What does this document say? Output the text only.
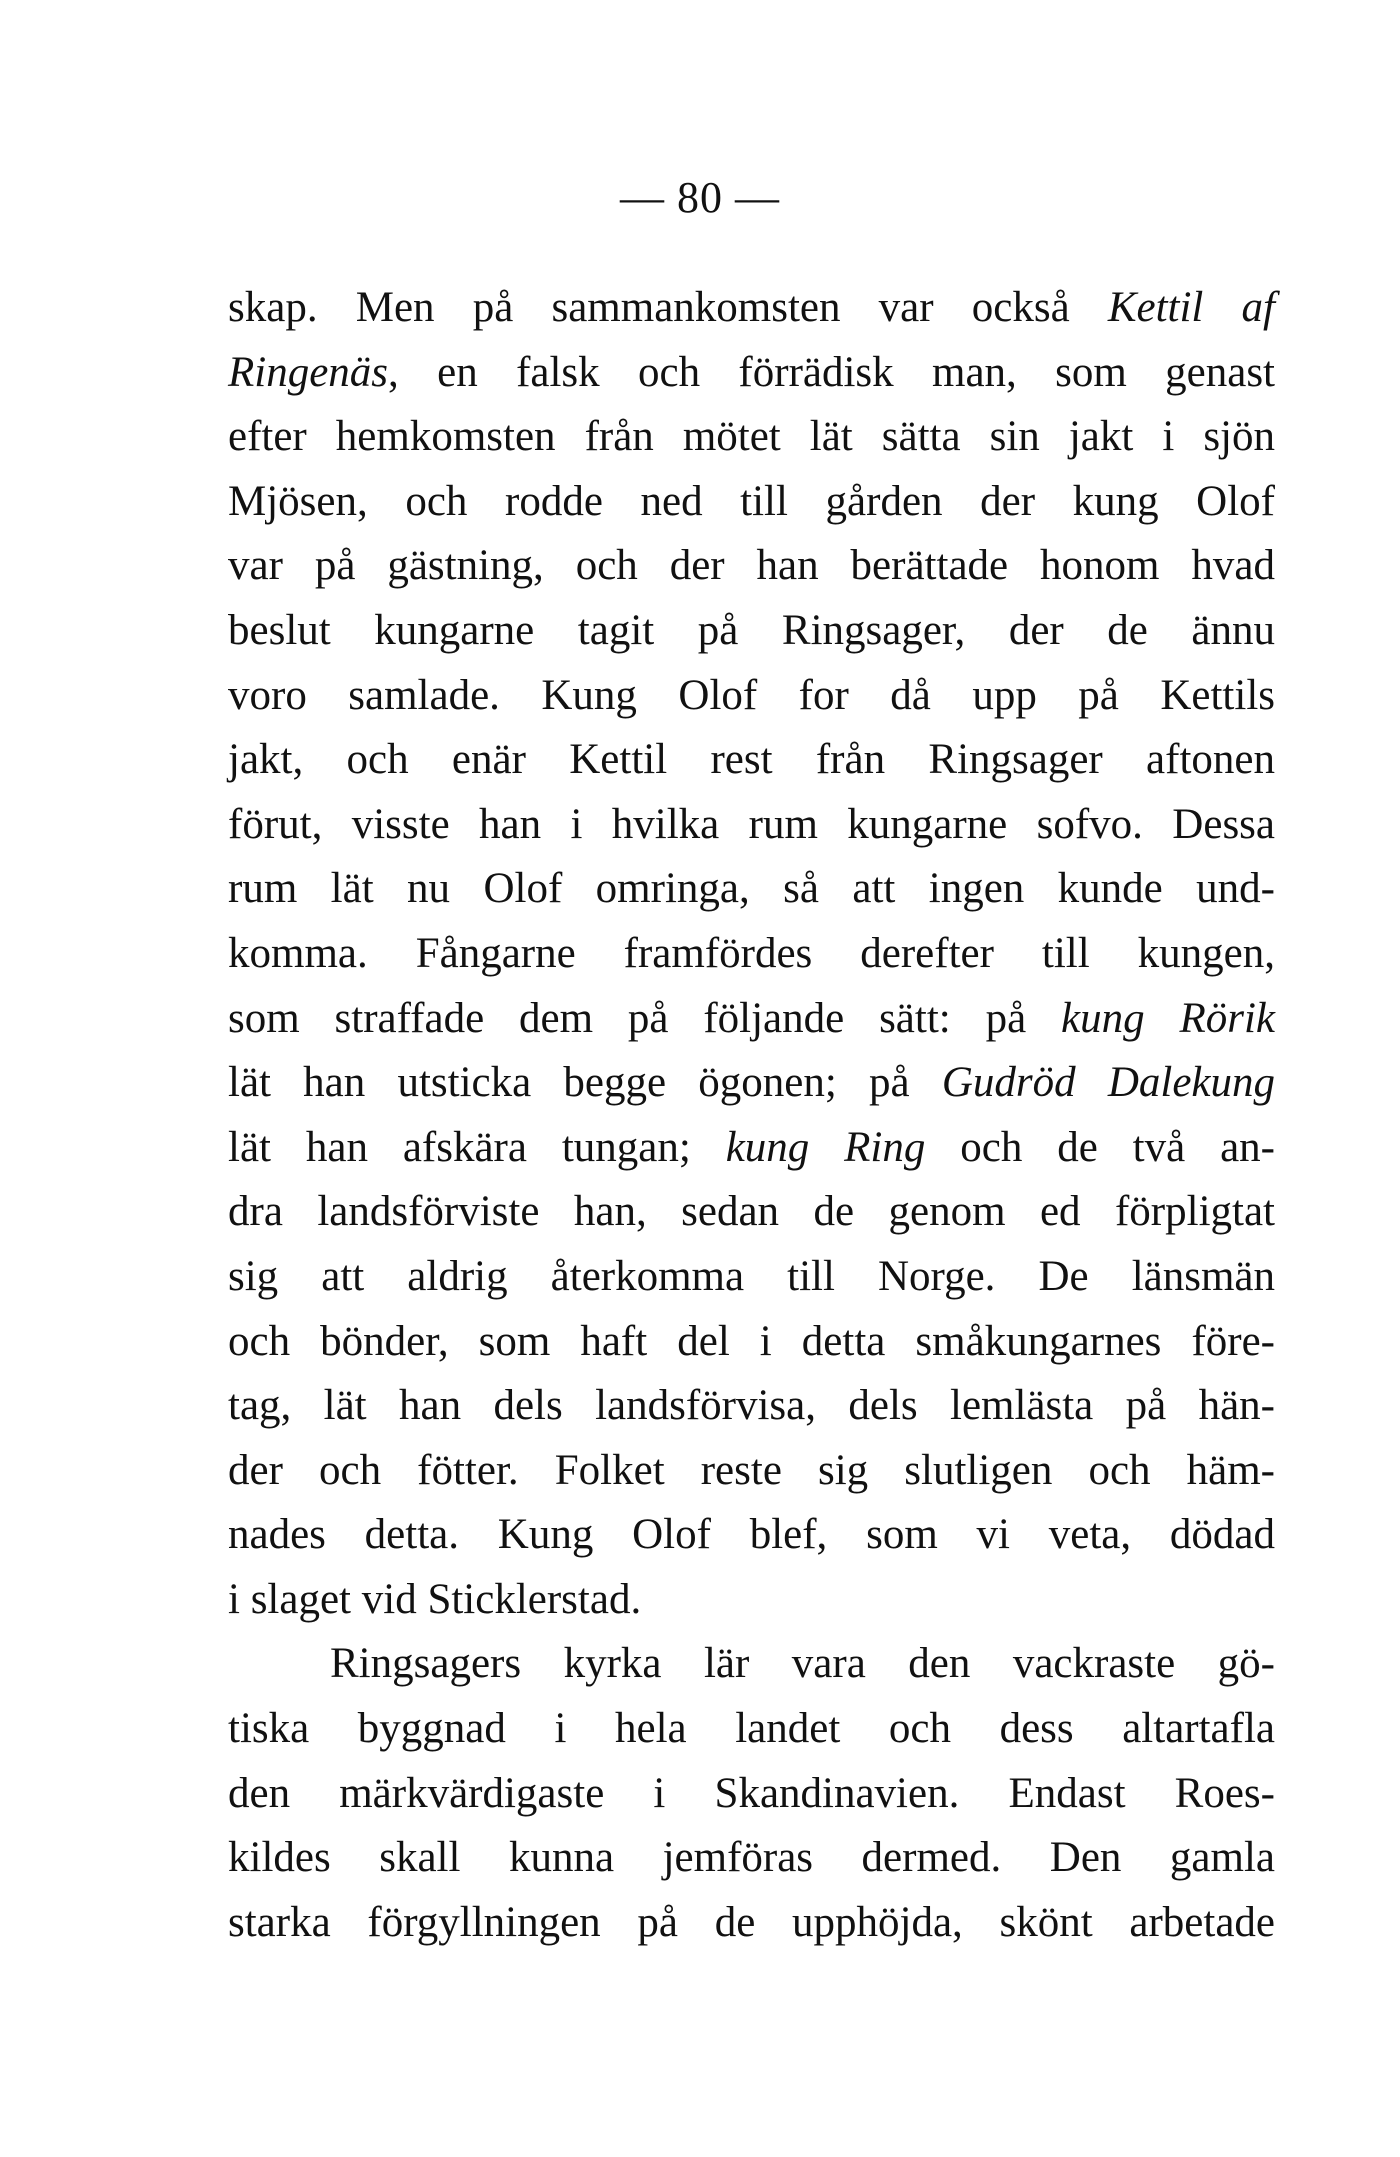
— 80 —
skap. Men på sammankomsten var också Kettil af
Ringenäs, en falsk och förrädisk man, som genast
efter hemkomsten från mötet lät sätta sin jakt i sjön
Mjösen, och rodde ned till gården der kung Olof
var på gästning, och der han berättade honom hvad
beslut kungarne tagit på Ringsager, der de ännu
voro samlade. Kung Olof for då upp på Kettils
jakt, och enär Kettil rest från Ringsager aftonen
förut, visste han i hvilka rum kungarne sofvo. Dessa
rum lät nu Olof omringa, så att ingen kunde und-
komma. Fångarne framfördes derefter till kungen,
som straffade dem på följande sätt: på kung Rörik
lät han utsticka begge ögonen; på Gudröd Dalekung
lät han afskära tungan; kung Ring och de två an-
dra landsförviste han, sedan de genom ed förpligtat
sig att aldrig återkomma till Norge. De länsmän
och bönder, som haft del i detta småkungarnes före-
tag, lät han dels landsförvisa, dels lemlästa på hän-
der och fötter. Folket reste sig slutligen och häm-
nades detta. Kung Olof blef, som vi veta, dödad
i slaget vid Sticklerstad.
Ringsagers kyrka lär vara den vackraste gö-
tiska byggnad i hela landet och dess altartafla
den märkvärdigaste i Skandinavien. Endast Roes-
kildes skall kunna jemföras dermed. Den gamla
starka förgyllningen på de upphöjda, skönt arbetade
